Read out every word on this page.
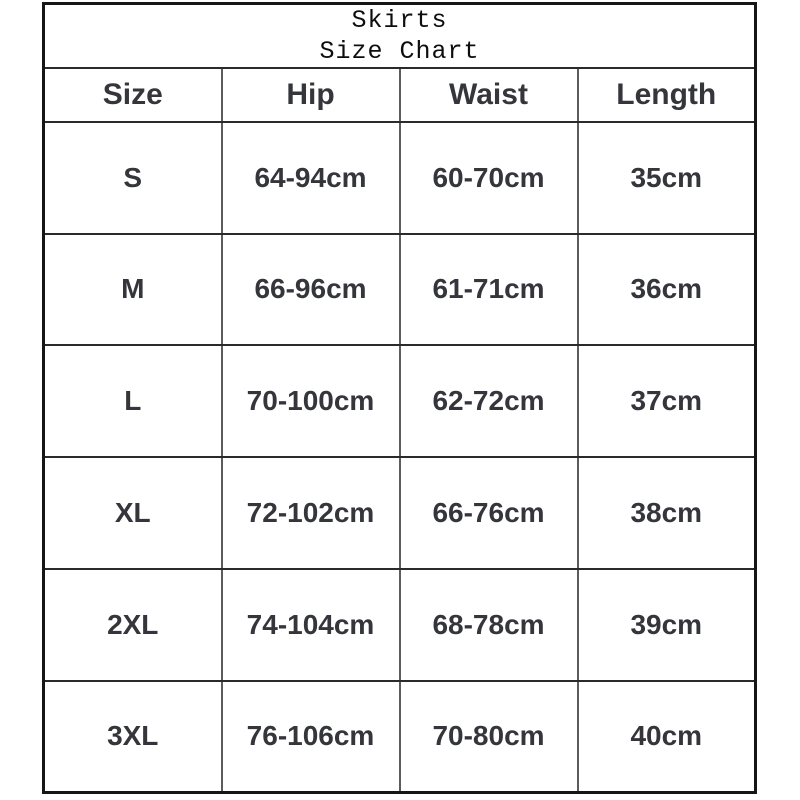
Skirts
Size Chart			

Size	Hip	Waist	Length
S	64-94cm	60-70cm	35cm
M	66-96cm	61-71cm	36cm
L	70-100cm	62-72cm	37cm
XL	72-102cm	66-76cm	38cm
2XL	74-104cm	68-78cm	39cm
3XL	76-106cm	70-80cm	40cm
